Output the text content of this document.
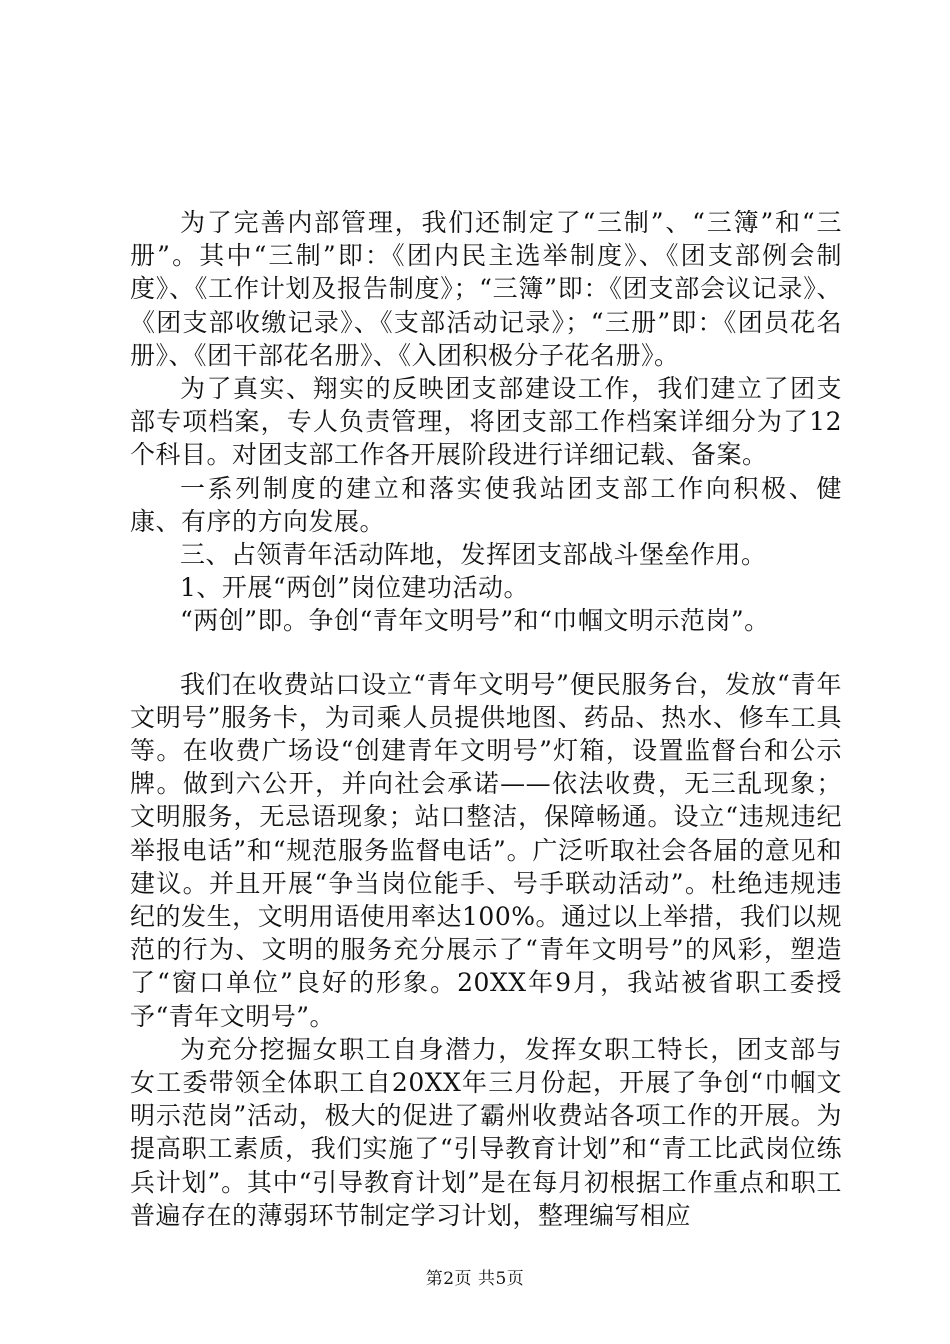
为了完善内部管理，我们还制定了“三制”、“三簿”和“三册”。其中“三制”即：《团内民主选举制度》、《团支部例会制度》、《工作计划及报告制度》；“三簿”即：《团支部会议记录》、《团支部收缴记录》、《支部活动记录》；“三册”即：《团员花名册》、《团干部花名册》、《入团积极分子花名册》。

为了真实、翔实的反映团支部建设工作，我们建立了团支部专项档案，专人负责管理，将团支部工作档案详细分为了12个科目。对团支部工作各开展阶段进行详细记载、备案。

一系列制度的建立和落实使我站团支部工作向积极、健康、有序的方向发展。

三、占领青年活动阵地，发挥团支部战斗堡垒作用。

1、开展“两创”岗位建功活动。

“两创”即。争创“青年文明号”和“巾帼文明示范岗”。

我们在收费站口设立“青年文明号”便民服务台，发放“青年文明号”服务卡，为司乘人员提供地图、药品、热水、修车工具等。在收费广场设“创建青年文明号”灯箱，设置监督台和公示牌。做到六公开，并向社会承诺——依法收费，无三乱现象；文明服务，无忌语现象；站口整洁，保障畅通。设立“违规违纪举报电话”和“规范服务监督电话”。广泛听取社会各届的意见和建议。并且开展“争当岗位能手、号手联动活动”。杜绝违规违纪的发生，文明用语使用率达100%。通过以上举措，我们以规范的行为、文明的服务充分展示了“青年文明号”的风彩，塑造了“窗口单位”良好的形象。20XX年9月，我站被省职工委授予“青年文明号”。

为充分挖掘女职工自身潜力，发挥女职工特长，团支部与女工委带领全体职工自20XX年三月份起，开展了争创“巾帼文明示范岗”活动，极大的促进了霸州收费站各项工作的开展。为提高职工素质，我们实施了“引导教育计划”和“青工比武岗位练兵计划”。其中“引导教育计划”是在每月初根据工作重点和职工普遍存在的薄弱环节制定学习计划，整理编写相应

第2页 共5页
